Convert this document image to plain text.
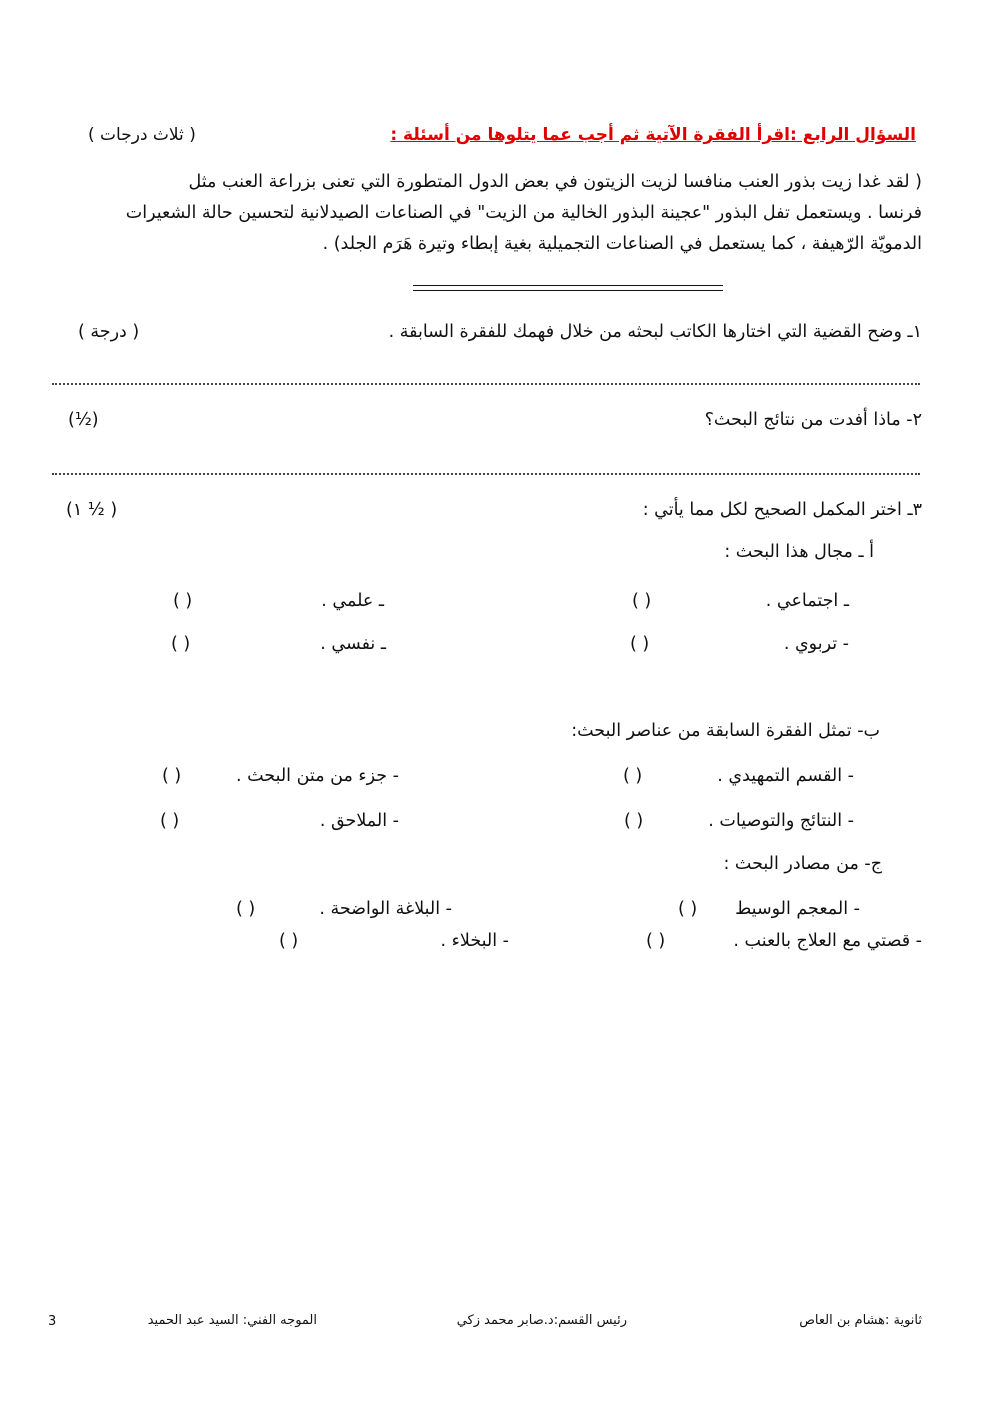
السؤال الرابع :اقرأ الفقرة الآتية ثم أجب عما يتلوها من أسئلة :
( ثلاث درجات )
( لقد غدا زيت بذور العنب منافسا لزيت الزيتون في بعض الدول المتطورة التي تعنى بزراعة العنب مثل
فرنسا . ويستعمل تفل البذور "عجينة البذور الخالية من الزيت" في الصناعات الصيدلانية لتحسين حالة الشعيرات
الدمويّة الرّهيفة ، كما يستعمل في الصناعات التجميلية بغية إبطاء وتيرة هَرَم الجلد) .
١ـ وضح القضية التي اختارها الكاتب لبحثه من خلال فهمك للفقرة السابقة .
( درجة )
٢- ماذا أفدت من نتائج البحث؟
(½)
٣ـ اختر المكمل الصحيح لكل مما يأتي :
( ½ ١)
أ ـ مجال هذا البحث :
ـ اجتماعي .
( )
ـ علمي .
( )
- تربوي .
( )
ـ نفسي .
( )
ب- تمثل الفقرة السابقة من عناصر البحث:
- القسم التمهيدي .
( )
- جزء من متن البحث .
( )
- النتائج والتوصيات .
( )
- الملاحق .
( )
ج- من مصادر البحث :
- المعجم الوسيط
( )
- البلاغة الواضحة .
( )
- قصتي مع العلاج بالعنب .
( )
- البخلاء .
( )
ثانوية :هشام بن العاص
رئيس القسم:د.صابر محمد زكي
الموجه الفني: السيد عبد الحميد
3
